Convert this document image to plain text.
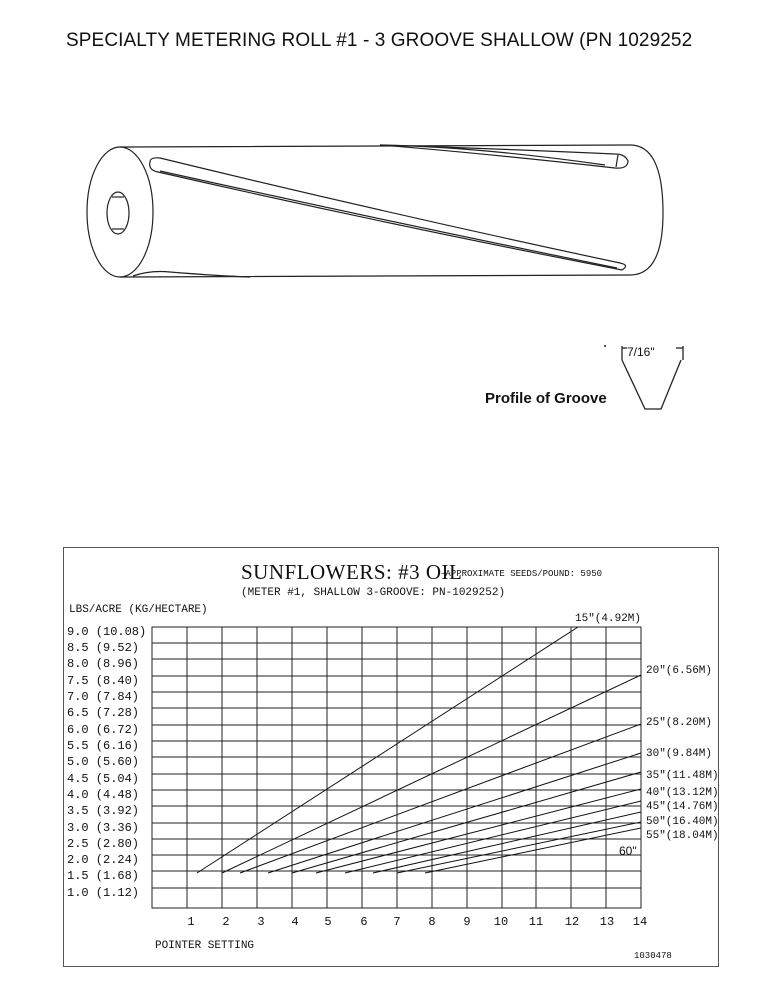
SPECIALTY METERING ROLL #1 - 3 GROOVE SHALLOW (PN 1029252
7/16"
Profile of Groove
SUNFLOWERS: #3 OIL
-APPROXIMATE SEEDS/POUND: 5950
(METER #1, SHALLOW 3-GROOVE: PN-1029252)
LBS/ACRE (KG/HECTARE)
9.0 (10.08)
8.5 (9.52)
8.0 (8.96)
7.5 (8.40)
7.0 (7.84)
6.5 (7.28)
6.0 (6.72)
5.5 (6.16)
5.0 (5.60)
4.5 (5.04)
4.0 (4.48)
3.5 (3.92)
3.0 (3.36)
2.5 (2.80)
2.0 (2.24)
1.5 (1.68)
1.0 (1.12)
15"(4.92M)
20"(6.56M)
25"(8.20M)
30"(9.84M)
35"(11.48M)
40"(13.12M)
45"(14.76M)
50"(16.40M)
55"(18.04M)
60"
1	2	3	4	5	6	7	8	9	10 11 12 13 14
POINTER SETTING
1030478
